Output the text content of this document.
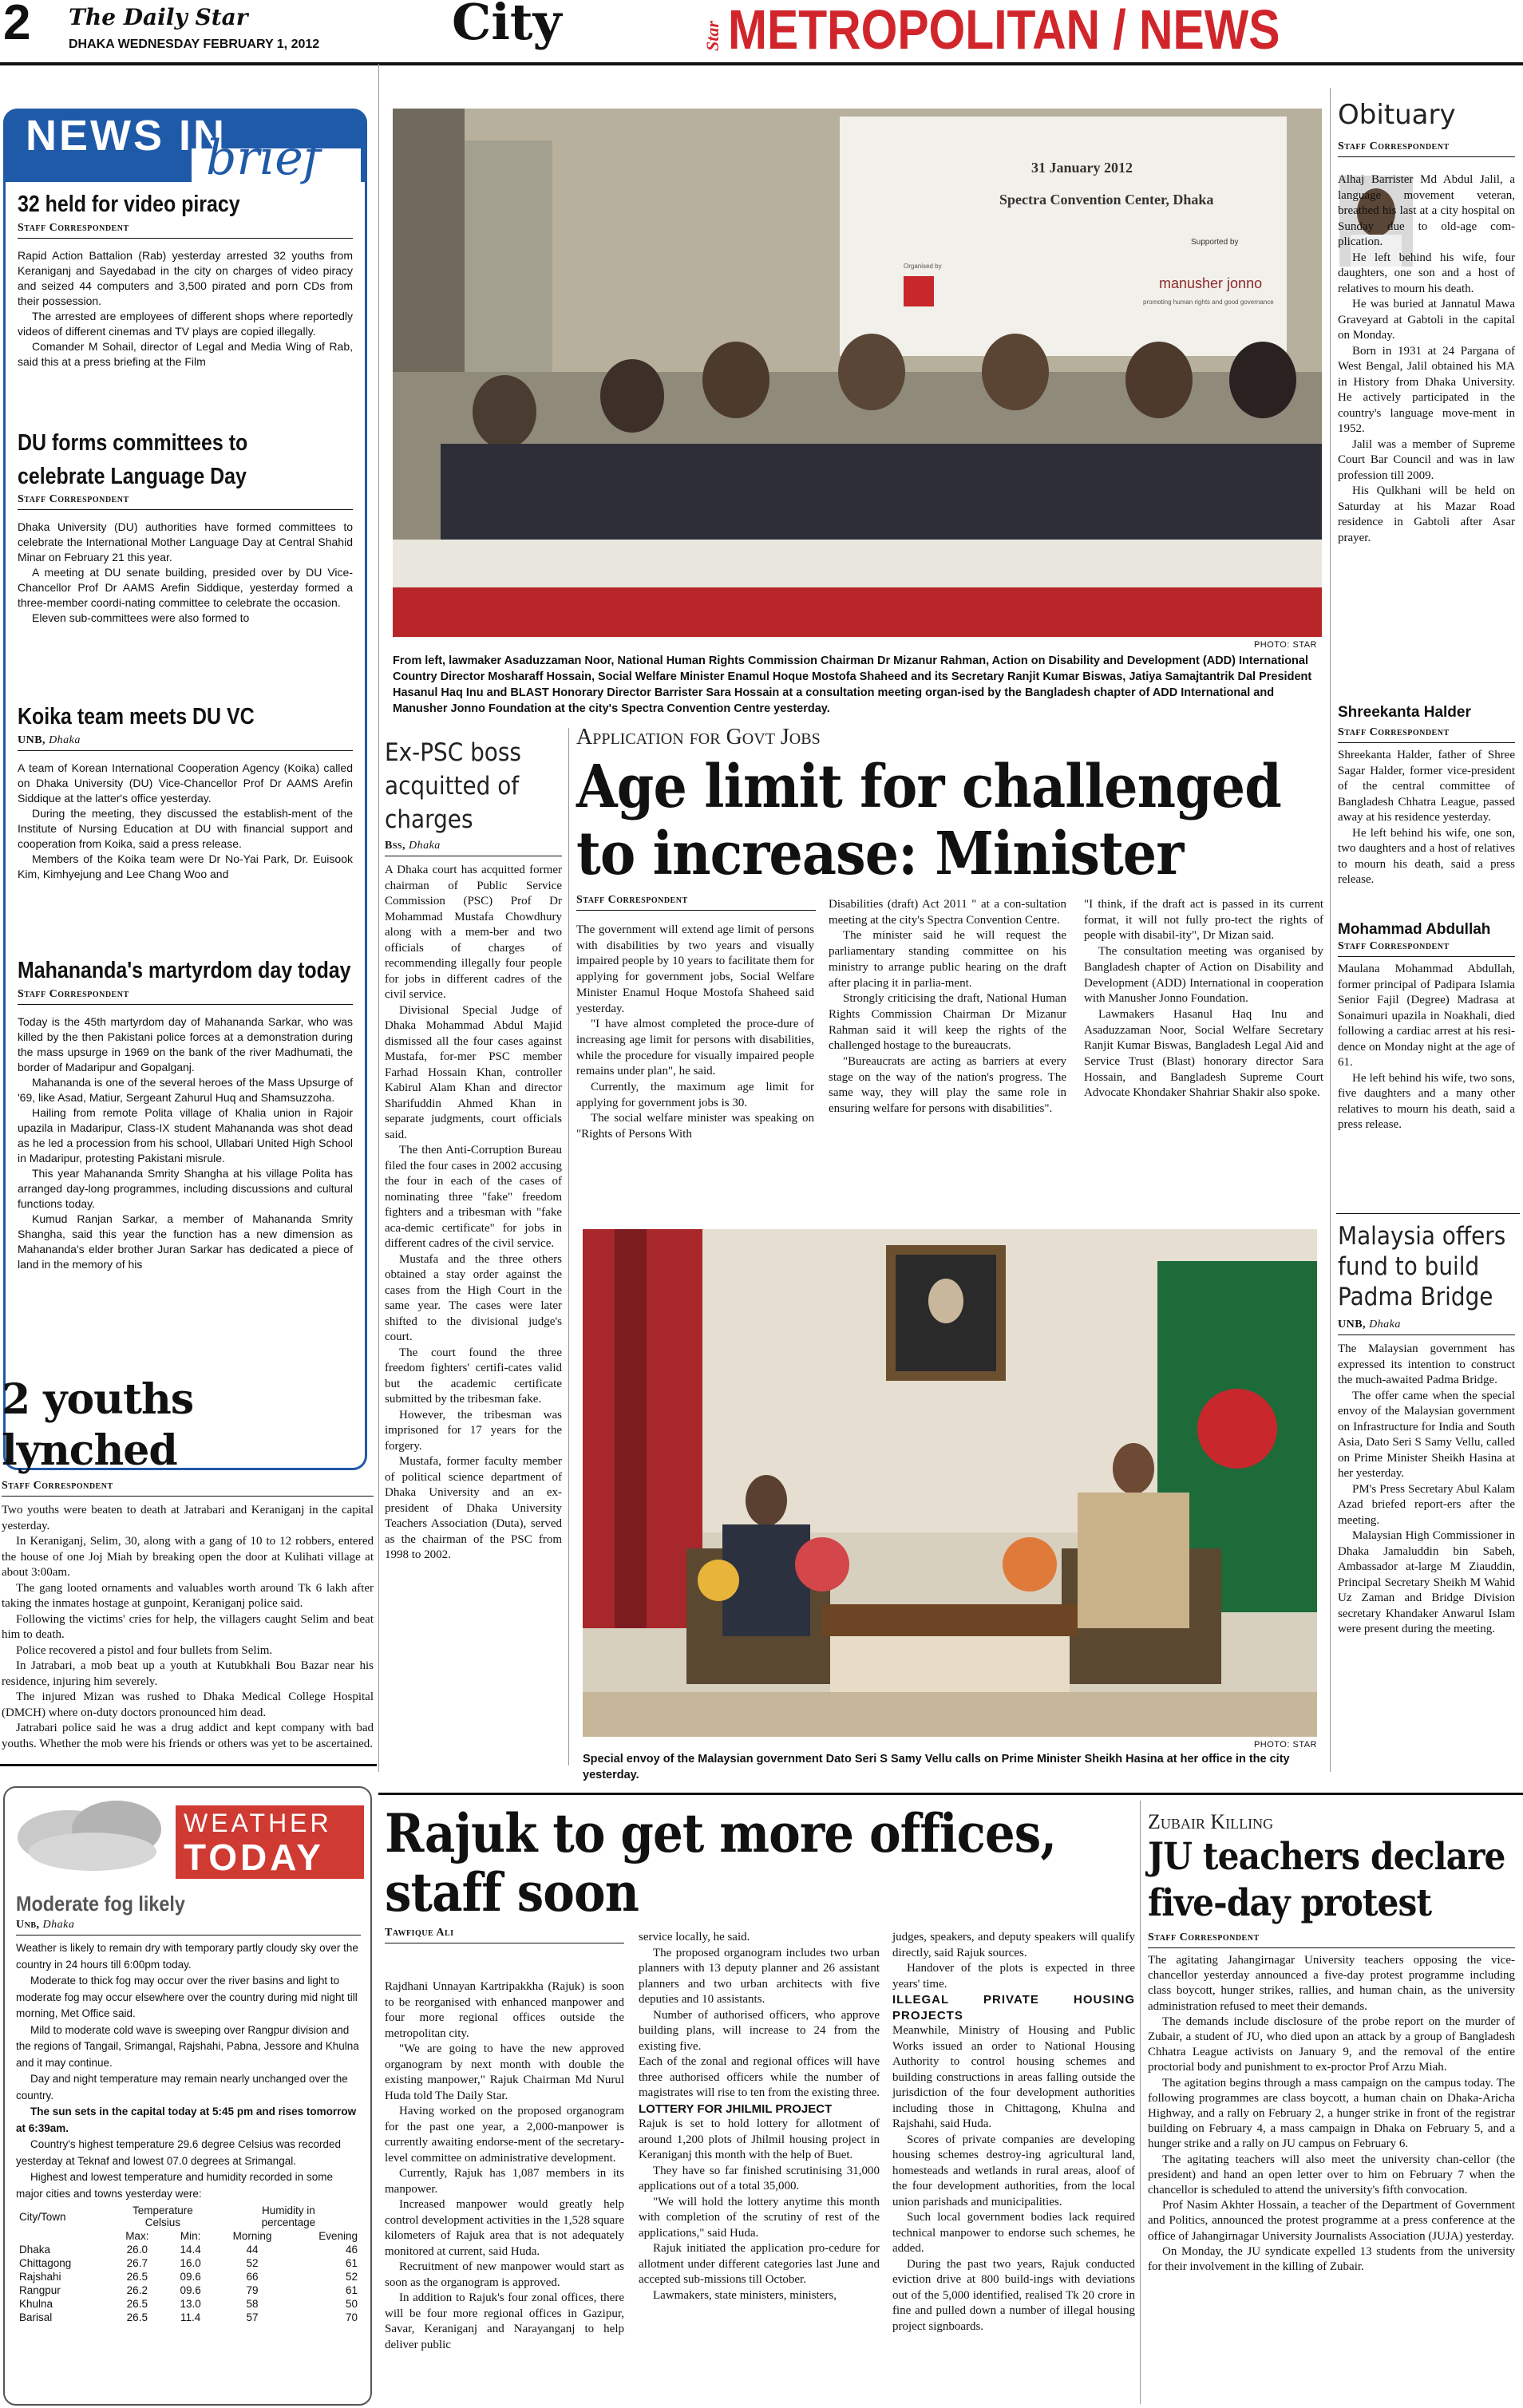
2 The Daily Star
DHAKA WEDNESDAY FEBRUARY 1, 2012	City	Star METROPOLITAN / NEWS
NEWS IN
brief
32 held for video piracy
Staff Correspondent

Rapid Action Battalion (Rab) yesterday arrested 32 youths from Keraniganj and Sayedabad in the city on charges of video piracy and seized 44 computers and 3,500 pirated and porn CDs from their possession.

The arrested are employees of different shops where reportedly videos of different cinemas and TV plays are copied illegally.

Comander M Sohail, director of Legal and Media Wing of Rab, said this at a press briefing at the Film

DU forms committees to celebrate Language Day
Staff Correspondent

Dhaka University (DU) authorities have formed committees to celebrate the International Mother Language Day at Central Shahid Minar on February 21 this year.

A meeting at DU senate building, presided over by DU Vice- Chancellor Prof Dr AAMS Arefin Siddique, yesterday formed a three-member coordi-nating committee to celebrate the occasion.

Eleven sub-committees were also formed to

Koika team meets DU VC
UNB, Dhaka

A team of Korean International Cooperation Agency (Koika) called on Dhaka University (DU) Vice-Chancellor Prof Dr AAMS Arefin Siddique at the latter's office yesterday.

During the meeting, they discussed the establish-ment of the Institute of Nursing Education at DU with financial support and cooperation from Koika, said a press release.

Members of the Koika team were Dr No-Yai Park, Dr. Euisook Kim, Kimhyejung and Lee Chang Woo and

Mahananda's martyrdom day today
Staff Correspondent

Today is the 45th martyrdom day of Mahananda Sarkar, who was killed by the then Pakistani police forces at a demonstration during the mass upsurge in 1969 on the bank of the river Madhumati, the border of Madaripur and Gopalganj.

Mahananda is one of the several heroes of the Mass Upsurge of '69, like Asad, Matiur, Sergeant Zahurul Huq and Shamsuzzoha.

Hailing from remote Polita village of Khalia union in Rajoir upazila in Madaripur, Class-IX student Mahananda was shot dead as he led a procession from his school, Ullabari United High School in Madaripur, protesting Pakistani misrule.

This year Mahananda Smrity Shangha at his village Polita has arranged day-long programmes, including discussions and cultural functions today.

Kumud Ranjan Sarkar, a member of Mahananda Smrity Shangha, said this year the function has a new dimension as Mahananda's elder brother Juran Sarkar has dedicated a piece of land in the memory of his

2 youths lynched
Staff Correspondent

Two youths were beaten to death at Jatrabari and Keraniganj in the capital yesterday.

In Keraniganj, Selim, 30, along with a gang of 10 to 12 robbers, entered the house of one Joj Miah by breaking open the door at Kulihati village at about 3:00am.

The gang looted ornaments and valuables worth around Tk 6 lakh after taking the inmates hostage at gunpoint, Keraniganj police said.

Following the victims' cries for help, the villagers caught Selim and beat him to death.

Police recovered a pistol and four bullets from Selim.

In Jatrabari, a mob beat up a youth at Kutubkhali Bou Bazar near his residence, injuring him severely.

The injured Mizan was rushed to Dhaka Medical College Hospital (DMCH) where on-duty doctors pronounced him dead.

Jatrabari police said he was a drug addict and kept company with bad youths. Whether the mob were his friends or others was yet to be ascertained.

31 January 2012
Spectra Convention Center, Dhaka
Supported by
manusher jonno
promoting human rights and good governance
Organised by
PHOTO: STAR
From left, lawmaker Asaduzzaman Noor, National Human Rights Commission Chairman Dr Mizanur Rahman, Action on Disability and Development (ADD) International Country Director Mosharaff Hossain, Social Welfare Minister Enamul Hoque Mostofa Shaheed and its Secretary Ranjit Kumar Biswas, Jatiya Samajtantrik Dal President Hasanul Haq Inu and BLAST Honorary Director Barrister Sara Hossain at a consultation meeting organ-ised by the Bangladesh chapter of ADD International and Manusher Jonno Foundation at the city's Spectra Convention Centre yesterday.
Ex-PSC boss acquitted of charges
Bss, Dhaka

A Dhaka court has acquitted former chairman of Public Service Commission (PSC) Prof Dr Mohammad Mustafa Chowdhury along with a mem-ber and two officials of charges of recommending illegally four people for jobs in different cadres of the civil service.

Divisional Special Judge of Dhaka Mohammad Abdul Majid dismissed all the four cases against Mustafa, for-mer PSC member Farhad Hossain Khan, controller Kabirul Alam Khan and director Sharifuddin Ahmed Khan in separate judgments, court officials said.

The then Anti-Corruption Bureau filed the four cases in 2002 accusing the four in each of the cases of nominating three "fake" freedom fighters and a tribesman with "fake aca-demic certificate" for jobs in different cadres of the civil service.

Mustafa and the three others obtained a stay order against the cases from the High Court in the same year. The cases were later shifted to the divisional judge's court.

The court found the three freedom fighters' certifi-cates valid but the academic certificate submitted by the tribesman fake.

However, the tribesman was imprisoned for 17 years for the forgery.

Mustafa, former faculty member of political science department of Dhaka University and an ex-president of Dhaka University Teachers Association (Duta), served as the chairman of the PSC from 1998 to 2002.

Application for Govt Jobs
Age limit for challenged
to increase: Minister
Staff Correspondent

The government will extend age limit of persons with disabilities by two years and visually impaired people by 10 years to facilitate them for applying for government jobs, Social Welfare Minister Enamul Hoque Mostofa Shaheed said yesterday.

"I have almost completed the proce-dure of increasing age limit for persons with disabilities, while the procedure for visually impaired people remains under plan", he said.

Currently, the maximum age limit for applying for government jobs is 30.

The social welfare minister was speaking on "Rights of Persons With

Disabilities (draft) Act 2011 " at a con-sultation meeting at the city's Spectra Convention Centre.

The minister said he will request the parliamentary standing committee on his ministry to arrange public hearing on the draft after placing it in parlia-ment.

Strongly criticising the draft, National Human Rights Commission Chairman Dr Mizanur Rahman said it will keep the rights of the challenged hostage to the bureaucrats.

"Bureaucrats are acting as barriers at every stage on the way of the nation's progress. The same way, they will play the same role in ensuring welfare for persons with disabilities".

"I think, if the draft act is passed in its current format, it will not fully pro-tect the rights of people with disabil-ity", Dr Mizan said.

The consultation meeting was organised by Bangladesh chapter of Action on Disability and Development (ADD) International in cooperation with Manusher Jonno Foundation.

Lawmakers Hasanul Haq Inu and Asaduzzaman Noor, Social Welfare Secretary Ranjit Kumar Biswas, Bangladesh Legal Aid and Service Trust (Blast) honorary director Sara Hossain, and Bangladesh Supreme Court Advocate Khondaker Shahriar Shakir also spoke.

PHOTO: STAR
Special envoy of the Malaysian government Dato Seri S Samy Vellu calls on Prime Minister Sheikh Hasina at her office in the city yesterday.
Obituary
Staff Correspondent

Alhaj Barrister Md Abdul Jalil, a language movement veteran, breathed his last at a city hospital on Sunday due to old-age com-plication.

He left behind his wife, four daughters, one son and a host of relatives to mourn his death.

He was buried at Jannatul Mawa Graveyard at Gabtoli in the capital on Monday.

Born in 1931 at 24 Pargana of West Bengal, Jalil obtained his MA in History from Dhaka University. He actively participated in the country's language move-ment in 1952.

Jalil was a member of Supreme Court Bar Council and was in law profession till 2009.

His Qulkhani will be held on Saturday at his Mazar Road residence in Gabtoli after Asar prayer.

Shreekanta Halder
Staff Correspondent

Shreekanta Halder, father of Shree Sagar Halder, former vice-president of the central committee of Bangladesh Chhatra League, passed away at his residence yesterday.

He left behind his wife, one son, two daughters and a host of relatives to mourn his death, said a press release.

Mohammad Abdullah
Staff Correspondent

Maulana Mohammad Abdullah, former principal of Padipara Islamia Senior Fajil (Degree) Madrasa at Sonaimuri upazila in Noakhali, died following a cardiac arrest at his resi-dence on Monday night at the age of 61.

He left behind his wife, two sons, five daughters and a many other relatives to mourn his death, said a press release.

Malaysia offers fund to build Padma Bridge
UNB, Dhaka

The Malaysian government has expressed its intention to construct the much-awaited Padma Bridge.

The offer came when the special envoy of the Malaysian government on Infrastructure for India and South Asia, Dato Seri S Samy Vellu, called on Prime Minister Sheikh Hasina at her yesterday.

PM's Press Secretary Abul Kalam Azad briefed report-ers after the meeting.

Malaysian High Commissioner in Dhaka Jamaluddin bin Sabeh, Ambassador at-large M Ziauddin, Principal Secretary Sheikh M Wahid Uz Zaman and Bridge Division secretary Khandaker Anwarul Islam were present during the meeting.

WEATHER
TODAY
Moderate fog likely
Unb, Dhaka

Weather is likely to remain dry with temporary partly cloudy sky over the country in 24 hours till 6:00pm today.

Moderate to thick fog may occur over the river basins and light to moderate fog may occur elsewhere over the country during mid night till morning, Met Office said.

Mild to moderate cold wave is sweeping over Rangpur division and the regions of Tangail, Srimangal, Rajshahi, Pabna, Jessore and Khulna and it may continue.

Day and night temperature may remain nearly unchanged over the country.

The sun sets in the capital today at 5:45 pm and rises tomorrow at 6:39am.

Country's highest temperature 29.6 degree Celsius was recorded yesterday at Teknaf and lowest 07.0 degrees at Srimangal.

Highest and lowest temperature and humidity recorded in some major cities and towns yesterday were:

City/Town	Temperature
Celsius		Humidity in
percentage	
	Max:	Min:	Morning	Evening
Dhaka	26.0	14.4	44	46
Chittagong	26.7	16.0	52	61
Rajshahi	26.5	09.6	66	52
Rangpur	26.2	09.6	79	61
Khulna	26.5	13.0	58	50
Barisal	26.5	11.4	57	70
Rajuk to get more offices,
staff soon
Tawfique Ali

Rajdhani Unnayan Kartripakkha (Rajuk) is soon to be reorganised with enhanced manpower and four more regional offices outside the metropolitan city.

"We are going to have the new approved organogram by next month with double the existing manpower," Rajuk Chairman Md Nurul Huda told The Daily Star.

Having worked on the proposed organogram for the past one year, a 2,000-manpower is currently awaiting endorse-ment of the secretary-level committee on administrative development.

Currently, Rajuk has 1,087 members in its manpower.

Increased manpower would greatly help control development activities in the 1,528 square kilometers of Rajuk area that is not adequately monitored at current, said Huda.

Recruitment of new manpower would start as soon as the organogram is approved.

In addition to Rajuk's four zonal offices, there will be four more regional offices in Gazipur, Savar, Keraniganj and Narayanganj to help deliver public

service locally, he said.

The proposed organogram includes two urban planners with 13 deputy planner and 26 assistant planners and two urban architects with five deputies and 10 assistants.

Number of authorised officers, who approve building plans, will increase to 24 from the existing five.

Each of the zonal and regional offices will have three authorised officers while the number of magistrates will rise to ten from the existing three.

LOTTERY FOR JHILMIL PROJECT

Rajuk is set to hold lottery for allotment of around 1,200 plots of Jhilmil housing project in Keraniganj this month with the help of Buet.

They have so far finished scrutinising 31,000 applications out of a total 35,000.

"We will hold the lottery anytime this month with completion of the scrutiny of rest of the applications," said Huda.

Rajuk initiated the application pro-cedure for allotment under different categories last June and accepted sub-missions till October.

Lawmakers, state ministers, ministers,

judges, speakers, and deputy speakers will qualify directly, said Rajuk sources.

Handover of the plots is expected in three years' time.

ILLEGAL PRIVATE HOUSING PROJECTS

Meanwhile, Ministry of Housing and Public Works issued an order to National Housing Authority to control housing schemes and building constructions in areas falling outside the jurisdiction of the four development authorities including those in Chittagong, Khulna and Rajshahi, said Huda.

Scores of private companies are developing housing schemes destroy-ing agricultural land, homesteads and wetlands in rural areas, aloof of the four development authorities, from the local union parishads and municipalities.

Such local government bodies lack required technical manpower to endorse such schemes, he added.

During the past two years, Rajuk conducted eviction drive at 800 build-ings with deviations out of the 5,000 identified, realised Tk 20 crore in fine and pulled down a number of illegal housing project signboards.

Zubair Killing
JU teachers declare
five-day protest
Staff Correspondent

The agitating Jahangirnagar University teachers opposing the vice-chancellor yesterday announced a five-day protest programme including class boycott, hunger strikes, rallies, and human chain, as the university administration refused to meet their demands.

The demands include disclosure of the probe report on the murder of Zubair, a student of JU, who died upon an attack by a group of Bangladesh Chhatra League activists on January 9, and the removal of the entire proctorial body and punishment to ex-proctor Prof Arzu Miah.

The agitation begins through a mass campaign on the campus today. The following programmes are class boycott, a human chain on Dhaka-Aricha Highway, and a rally on February 2, a hunger strike in front of the registrar building on February 4, a mass campaign in Dhaka on February 5, and a hunger strike and a rally on JU campus on February 6.

The agitating teachers will also meet the university chan-cellor (the president) and hand an open letter over to him on February 7 when the chancellor is scheduled to attend the university's fifth convocation.

Prof Nasim Akhter Hossain, a teacher of the Department of Government and Politics, announced the protest programme at a press conference at the office of Jahangirnagar University Journalists Association (JUJA) yesterday.

On Monday, the JU syndicate expelled 13 students from the university for their involvement in the killing of Zubair.
